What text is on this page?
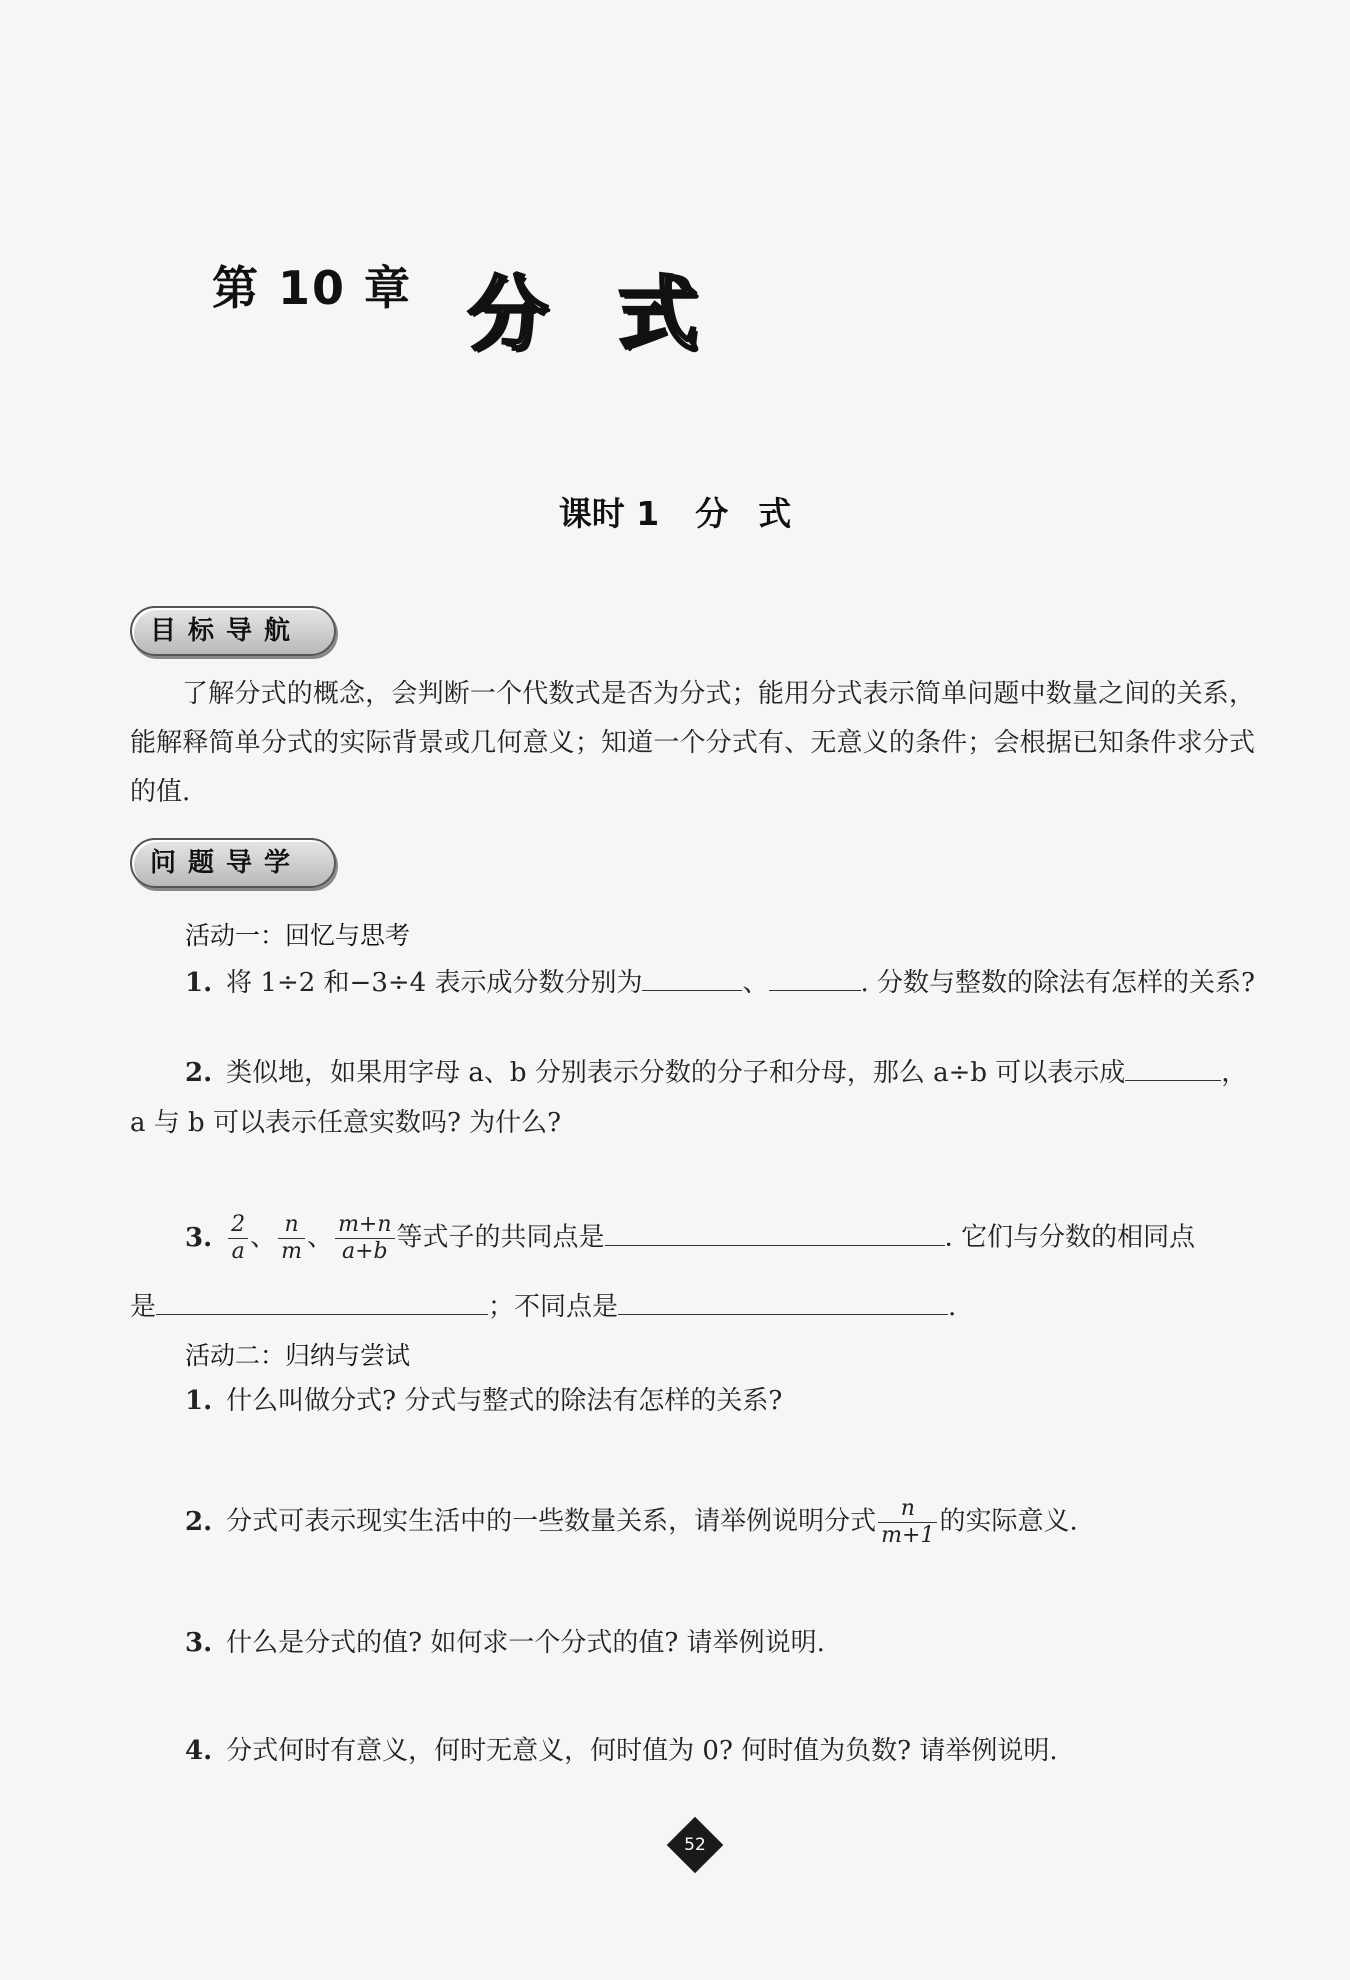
第 10 章 分式
课时 1 分 式
目标导航

了解分式的概念，会判断一个代数式是否为分式；能用分式表示简单问题中数量之间的关系，能解释简单分式的实际背景或几何意义；知道一个分式有、无意义的条件；会根据已知条件求分式的值.

问题导学
活动一：回忆与思考
1. 将 1÷2 和−3÷4 表示成分数分别为	、	. 分数与整数的除法有怎样的关系?
2. 类似地，如果用字母 a、b 分别表示分数的分子和分母，那么 a÷b 可以表示成	，
a 与 b 可以表示任意实数吗? 为什么?
3. $\frac{2}{a}$ 、 $\frac{n}{m}$ 、 $\frac{m+n}{a+b}$ 等式子的共同点是	. 它们与分数的相同点
是	；不同点是	.
活动二：归纳与尝试
1. 什么叫做分式? 分式与整式的除法有怎样的关系?
2. 分式可表示现实生活中的一些数量关系，请举例说明分式 $\frac{n}{m+1}$ 的实际意义.
3. 什么是分式的值? 如何求一个分式的值? 请举例说明.
4. 分式何时有意义，何时无意义，何时值为 0? 何时值为负数? 请举例说明.
52
